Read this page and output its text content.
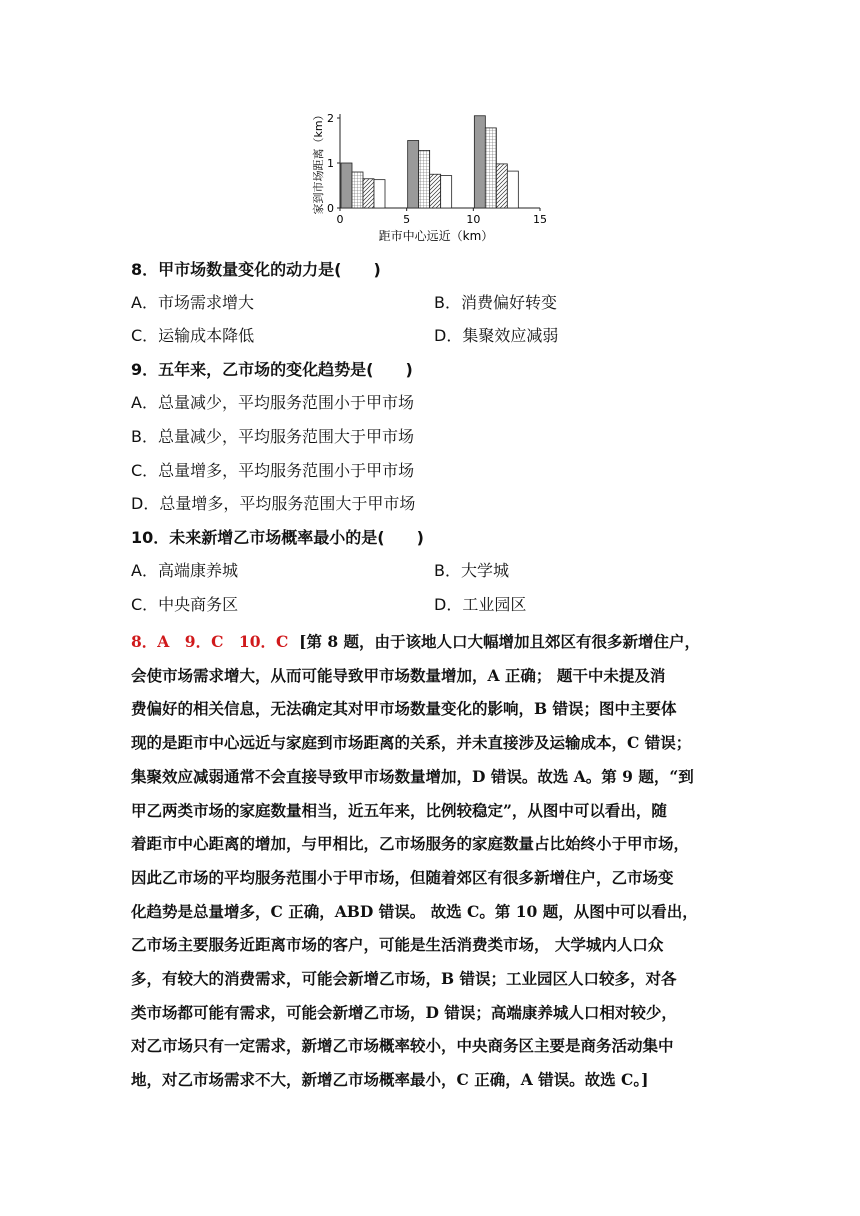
0	5	10	15
0
1
2
距市中心远近（km）
家到市场距离（km）
8．甲市场数量变化的动力是(　　)
A．市场需求增大	B．消费偏好转变
C．运输成本降低	D．集聚效应减弱
9．五年来，乙市场的变化趋势是(　　)
A．总量减少，平均服务范围小于甲市场
B．总量减少，平均服务范围大于甲市场
C．总量增多，平均服务范围小于甲市场
D．总量增多，平均服务范围大于甲市场
10．未来新增乙市场概率最小的是(　　)
A．高端康养城	B．大学城
C．中央商务区	D．工业园区
8．A　9．C　10．C [第 8 题，由于该地人口大幅增加且郊区有很多新增住户，
会使市场需求增大，从而可能导致甲市场数量增加，A 正确； 题干中未提及消
费偏好的相关信息，无法确定其对甲市场数量变化的影响，B 错误；图中主要体
现的是距市中心远近与家庭到市场距离的关系，并未直接涉及运输成本，C 错误；
集聚效应减弱通常不会直接导致甲市场数量增加，D 错误。故选 A。第 9 题，“到
甲乙两类市场的家庭数量相当，近五年来，比例较稳定”，从图中可以看出，随
着距市中心距离的增加，与甲相比，乙市场服务的家庭数量占比始终小于甲市场，
因此乙市场的平均服务范围小于甲市场，但随着郊区有很多新增住户，乙市场变
化趋势是总量增多，C 正确，ABD 错误。 故选 C。第 10 题，从图中可以看出，
乙市场主要服务近距离市场的客户，可能是生活消费类市场， 大学城内人口众
多，有较大的消费需求，可能会新增乙市场，B 错误；工业园区人口较多，对各
类市场都可能有需求，可能会新增乙市场，D 错误；高端康养城人口相对较少，
对乙市场只有一定需求，新增乙市场概率较小，中央商务区主要是商务活动集中
地，对乙市场需求不大，新增乙市场概率最小，C 正确，A 错误。故选 C。]
